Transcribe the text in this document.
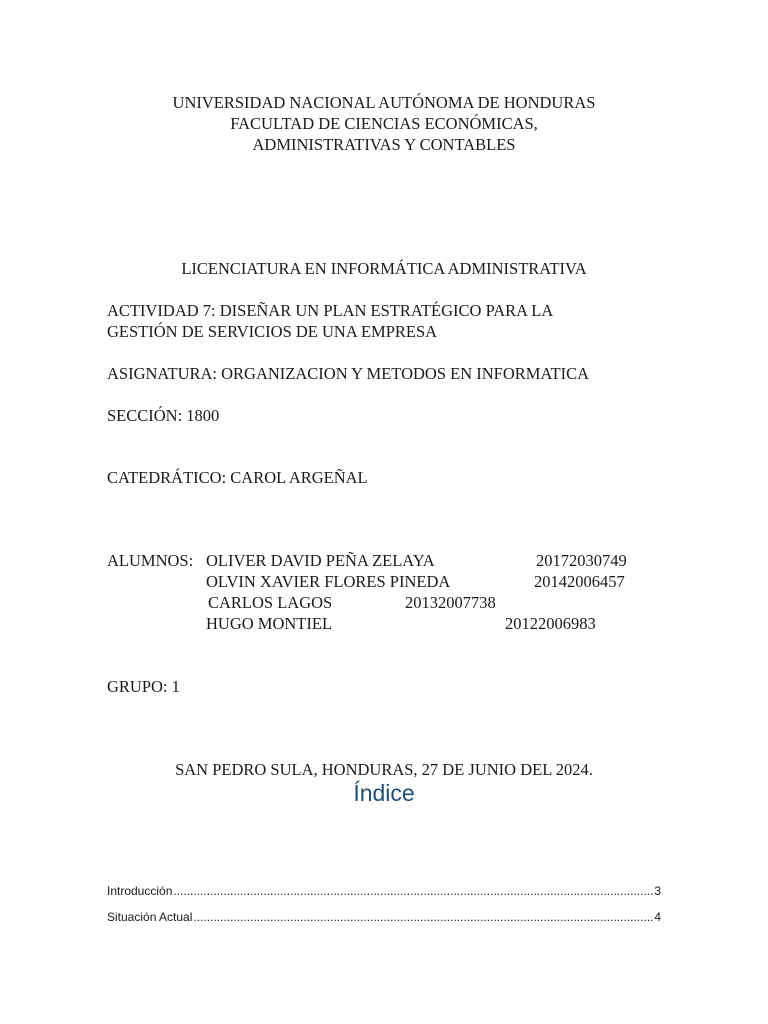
UNIVERSIDAD NACIONAL AUTÓNOMA DE HONDURAS
FACULTAD DE CIENCIAS ECONÓMICAS,
ADMINISTRATIVAS Y CONTABLES
LICENCIATURA EN INFORMÁTICA ADMINISTRATIVA
ACTIVIDAD 7: DISEÑAR UN PLAN ESTRATÉGICO PARA LA
GESTIÓN DE SERVICIOS DE UNA EMPRESA
ASIGNATURA: ORGANIZACION Y METODOS EN INFORMATICA
SECCIÓN: 1800
CATEDRÁTICO: CAROL ARGEÑAL
ALUMNOS: OLIVER DAVID PEÑA ZELAYA	20172030749
OLVIN XAVIER FLORES PINEDA	20142006457
CARLOS LAGOS	20132007738
HUGO MONTIEL	20122006983
GRUPO: 1
SAN PEDRO SULA, HONDURAS, 27 DE JUNIO DEL 2024.
Índice
Introducción .....	3
Situación Actual .....	4
